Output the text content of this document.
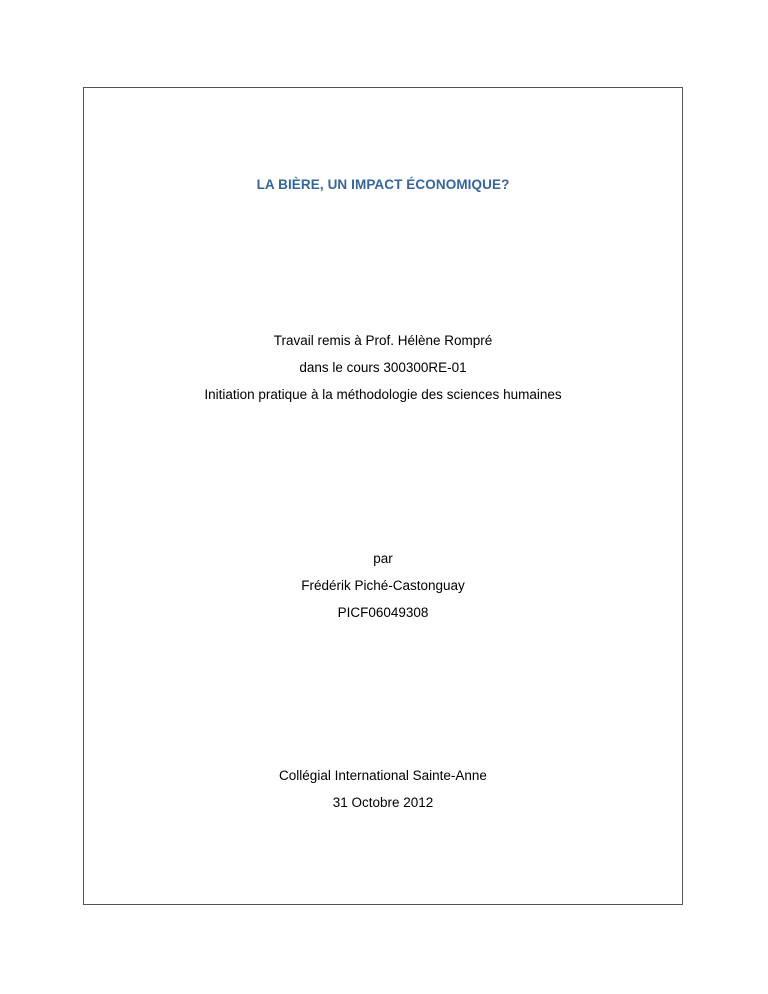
LA BIÈRE, UN IMPACT ÉCONOMIQUE?
Travail remis à Prof. Hélène Rompré
dans le cours 300300RE-01
Initiation pratique à la méthodologie des sciences humaines
par
Frédérik Piché-Castonguay
PICF06049308
Collégial International Sainte-Anne
31 Octobre 2012
